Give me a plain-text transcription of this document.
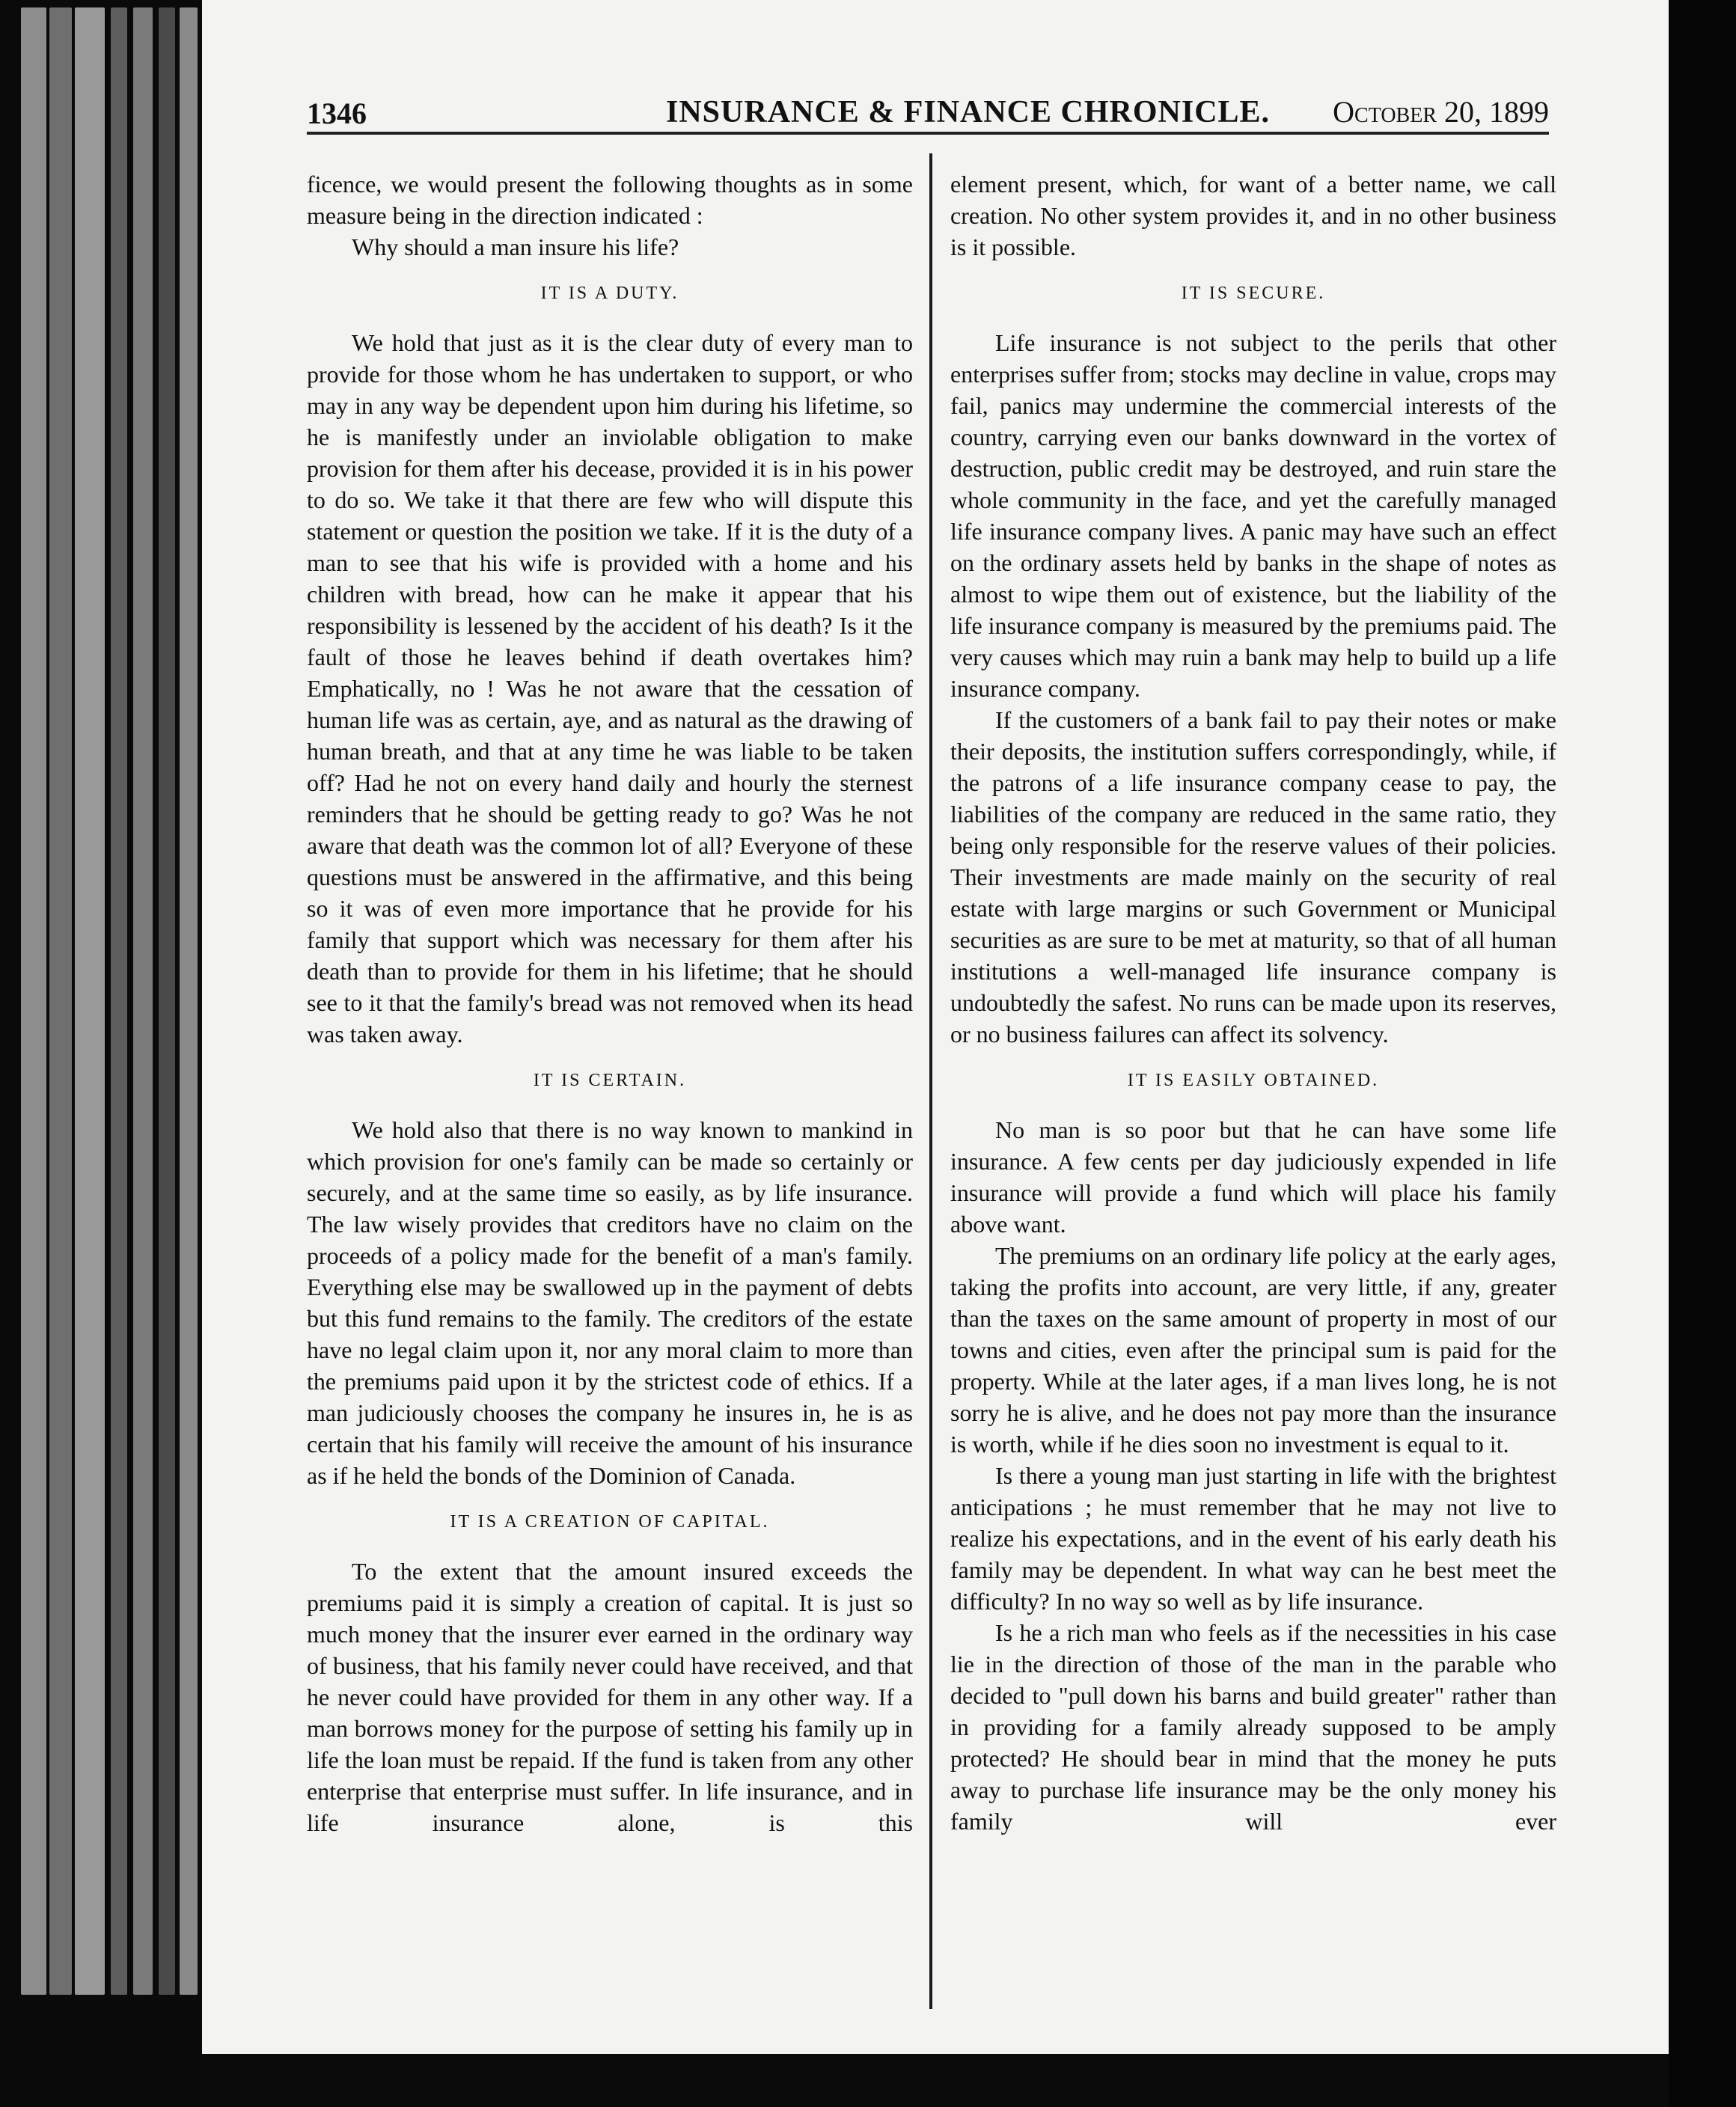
1346	INSURANCE & FINANCE CHRONICLE. October 20, 1899

ficence, we would present the following thoughts as in some measure being in the direction indicated :

Why should a man insure his life?

IT IS A DUTY.

We hold that just as it is the clear duty of every man to provide for those whom he has undertaken to support, or who may in any way be dependent upon him during his lifetime, so he is manifestly under an inviolable obligation to make provision for them after his decease, provided it is in his power to do so. We take it that there are few who will dispute this statement or question the position we take. If it is the duty of a man to see that his wife is provided with a home and his children with bread, how can he make it appear that his responsibility is lessened by the accident of his death? Is it the fault of those he leaves behind if death overtakes him? Emphatically, no ! Was he not aware that the cessation of human life was as certain, aye, and as natural as the drawing of human breath, and that at any time he was liable to be taken off? Had he not on every hand daily and hourly the sternest reminders that he should be getting ready to go? Was he not aware that death was the common lot of all? Everyone of these questions must be answered in the affirmative, and this being so it was of even more importance that he provide for his family that support which was necessary for them after his death than to provide for them in his lifetime; that he should see to it that the family's bread was not removed when its head was taken away.

IT IS CERTAIN.

We hold also that there is no way known to mankind in which provision for one's family can be made so certainly or securely, and at the same time so easily, as by life insurance. The law wisely provides that creditors have no claim on the proceeds of a policy made for the benefit of a man's family. Everything else may be swallowed up in the payment of debts but this fund remains to the family. The creditors of the estate have no legal claim upon it, nor any moral claim to more than the premiums paid upon it by the strictest code of ethics. If a man judiciously chooses the company he insures in, he is as certain that his family will receive the amount of his insurance as if he held the bonds of the Dominion of Canada.

IT IS A CREATION OF CAPITAL.

To the extent that the amount insured exceeds the premiums paid it is simply a creation of capital. It is just so much money that the insurer ever earned in the ordinary way of business, that his family never could have received, and that he never could have provided for them in any other way. If a man borrows money for the purpose of setting his family up in life the loan must be repaid. If the fund is taken from any other enterprise that enterprise must suffer. In life insurance, and in life insurance alone, is this

element present, which, for want of a better name, we call creation. No other system provides it, and in no other business is it possible.

IT IS SECURE.

Life insurance is not subject to the perils that other enterprises suffer from; stocks may decline in value, crops may fail, panics may undermine the commercial interests of the country, carrying even our banks downward in the vortex of destruction, public credit may be destroyed, and ruin stare the whole community in the face, and yet the carefully managed life insurance company lives. A panic may have such an effect on the ordinary assets held by banks in the shape of notes as almost to wipe them out of existence, but the liability of the life insurance company is measured by the premiums paid. The very causes which may ruin a bank may help to build up a life insurance company.

If the customers of a bank fail to pay their notes or make their deposits, the institution suffers correspondingly, while, if the patrons of a life insurance company cease to pay, the liabilities of the company are reduced in the same ratio, they being only responsible for the reserve values of their policies. Their investments are made mainly on the security of real estate with large margins or such Government or Municipal securities as are sure to be met at maturity, so that of all human institutions a well-managed life insurance company is undoubtedly the safest. No runs can be made upon its reserves, or no business failures can affect its solvency.

IT IS EASILY OBTAINED.

No man is so poor but that he can have some life insurance. A few cents per day judiciously expended in life insurance will provide a fund which will place his family above want.

The premiums on an ordinary life policy at the early ages, taking the profits into account, are very little, if any, greater than the taxes on the same amount of property in most of our towns and cities, even after the principal sum is paid for the property. While at the later ages, if a man lives long, he is not sorry he is alive, and he does not pay more than the insurance is worth, while if he dies soon no investment is equal to it.

Is there a young man just starting in life with the brightest anticipations ; he must remember that he may not live to realize his expectations, and in the event of his early death his family may be dependent. In what way can he best meet the difficulty? In no way so well as by life insurance.

Is he a rich man who feels as if the necessities in his case lie in the direction of those of the man in the parable who decided to "pull down his barns and build greater" rather than in providing for a family already supposed to be amply protected? He should bear in mind that the money he puts away to purchase life insurance may be the only money his family will ever
